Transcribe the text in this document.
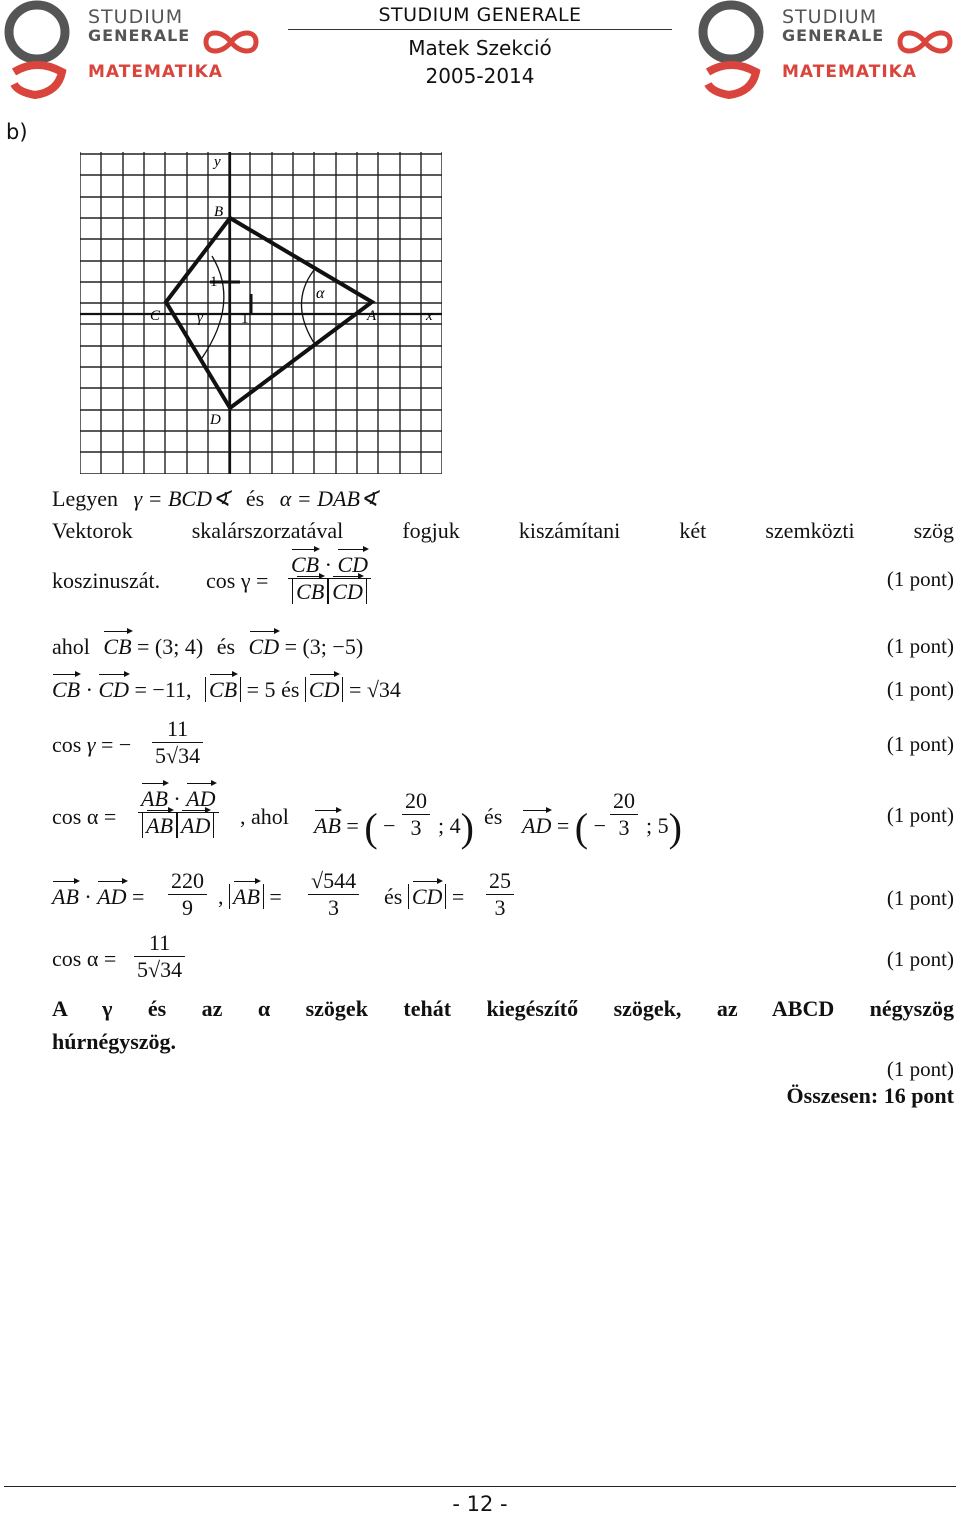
STUDIUM
GENERALE
MATEMATIKA
STUDIUM GENERALE
Matek Szekció
2005-2014
STUDIUM
GENERALE
MATEMATIKA
b)
y
x
B
A
C
D
1
1
α
γ
Legyen γ = BCD∢ és α = DAB∢
Vektorok	skalárszorzatával	fogjuk	kiszámítani	két	szemközti	szög
koszinuszát. cos γ =
CB · CD
CB CD	(1 pont)
ahol CB = (3; 4) és CD = (3; −5)	(1 pont)
CB · CD = −11, CB = 5 és CD = √34	(1 pont)
cos γ = − $\frac{11}{5√34}$	(1 pont)
cos α =
AB · AD
AB AD	, ahol AB = ( − $\frac{20}{3}$ ; 4) és AD = ( − $\frac{20}{3}$ ; 5)	(1 pont)
AB · AD = $\frac{220}{9}$ , AB = $\frac{√544}{3}$ és CD = $\frac{25}{3}$	(1 pont)
$\cos \alpha = \frac{11}{5√34}$	(1 pont)
A γ és az α szögek tehát kiegészítő szögek, az ABCD négyszög
húrnégyszög.
(1 pont)
Összesen: 16 pont
- 12 -
